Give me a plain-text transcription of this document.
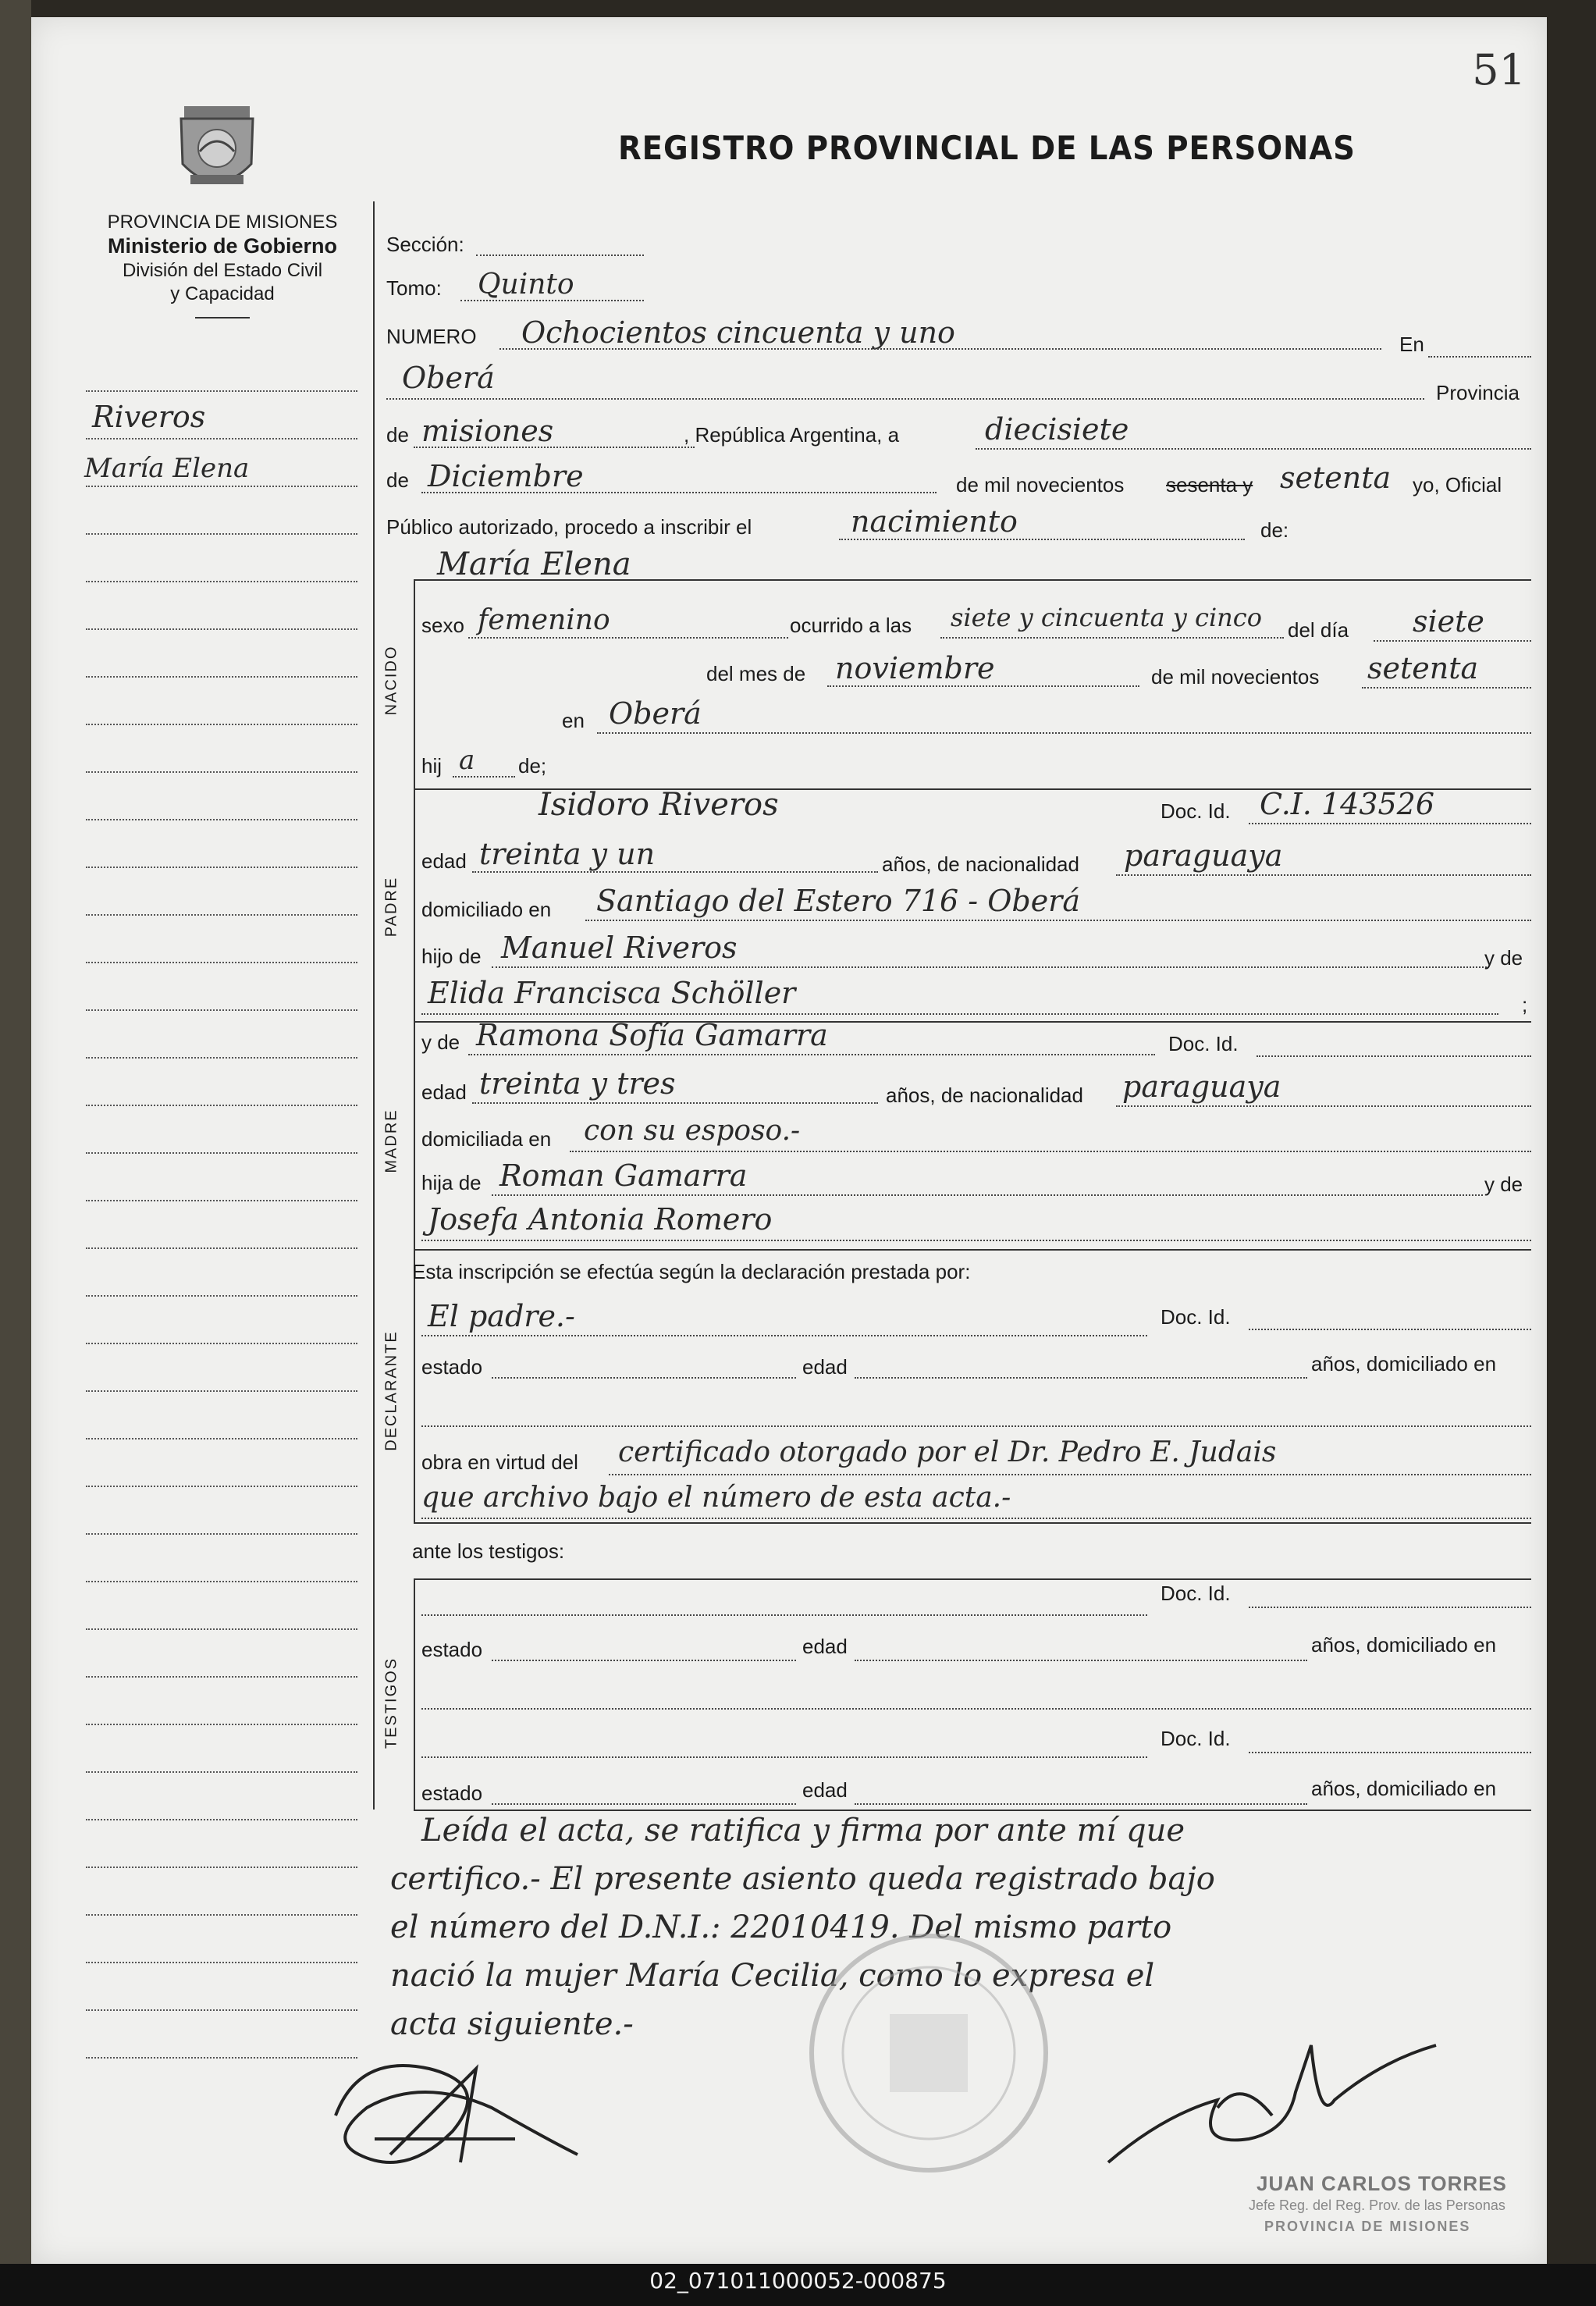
51
REGISTRO PROVINCIAL DE LAS PERSONAS
PROVINCIA DE MISIONES
Ministerio de Gobierno
División del Estado Civil
y Capacidad
Riveros
María Elena
NACIDO
PADRE
MADRE
DECLARANTE
TESTIGOS
Sección:
Tomo: Quinto
NUMERO Ochocientos cincuenta y uno	En
Oberá	Provincia
de misiones	, República Argentina, a	diecisiete
de Diciembre	de mil novecientos sesenta y setenta yo, Oficial
Público autorizado, procedo a inscribir el	nacimiento	de:
María Elena
sexo femenino	ocurrido a las siete y cincuenta y cinco del día siete
del mes de noviembre	de mil novecientos setenta
en Oberá
hij a de;
Isidoro Riveros	Doc. Id. C.I. 143526
edad treinta y un	años, de nacionalidad paraguaya
domiciliado en Santiago del Estero 716 - Oberá
hijo de Manuel Riveros	y de
Elida Francisca Schöller	;
y de Ramona Sofía Gamarra	Doc. Id.
edad treinta y tres	años, de nacionalidad paraguaya
domiciliada en con su esposo.-
hija de Roman Gamarra	y de
Josefa Antonia Romero
Esta inscripción se efectúa según la declaración prestada por:
El padre.-	Doc. Id.
estado	edad	años, domiciliado en
obra en virtud del certificado otorgado por el Dr. Pedro E. Judais
que archivo bajo el número de esta acta.-
ante los testigos:
Doc. Id.
estado	edad	años, domiciliado en
Doc. Id.
estado	edad	años, domiciliado en
Leída el acta, se ratifica y firma por ante mí que
certifico.- El presente asiento queda registrado bajo
el número del D.N.I.: 22010419. Del mismo parto
nació la mujer María Cecilia, como lo expresa el
acta siguiente.-
JUAN CARLOS TORRES
Jefe Reg. del Reg. Prov. de las Personas
PROVINCIA DE MISIONES
02_071011000052-000875
